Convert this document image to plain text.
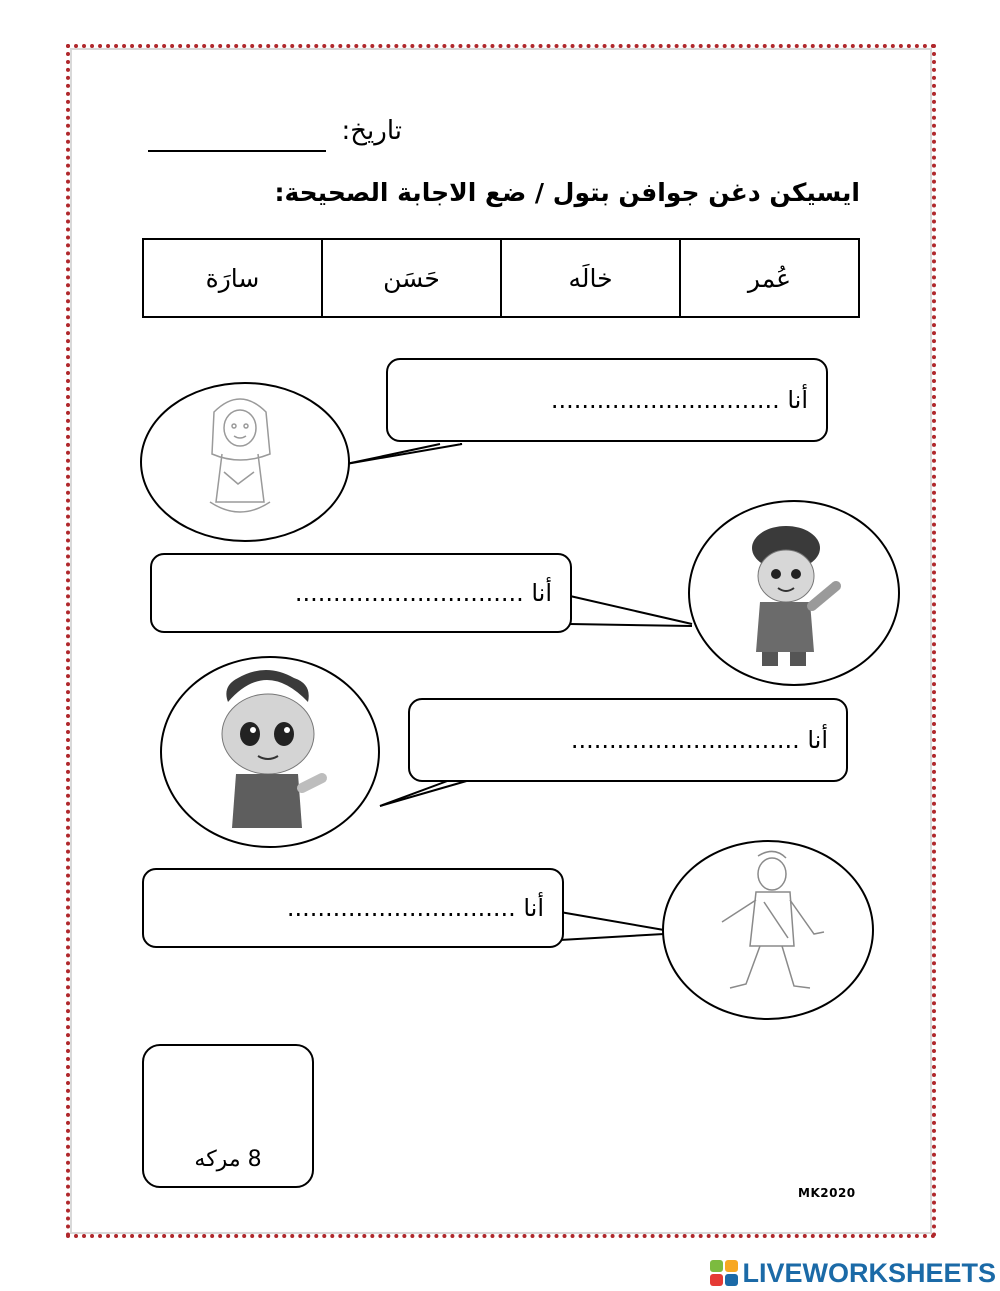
تاريخ:
ايسيكن دغن جوافن بتول / ضع الاجابة الصحيحة:
عُمر	خالَه	حَسَن	سارَة
أنا ..............................
أنا ..............................
أنا ..............................
أنا ..............................
8 مركه
MK2020
LIVEWORKSHEETS
